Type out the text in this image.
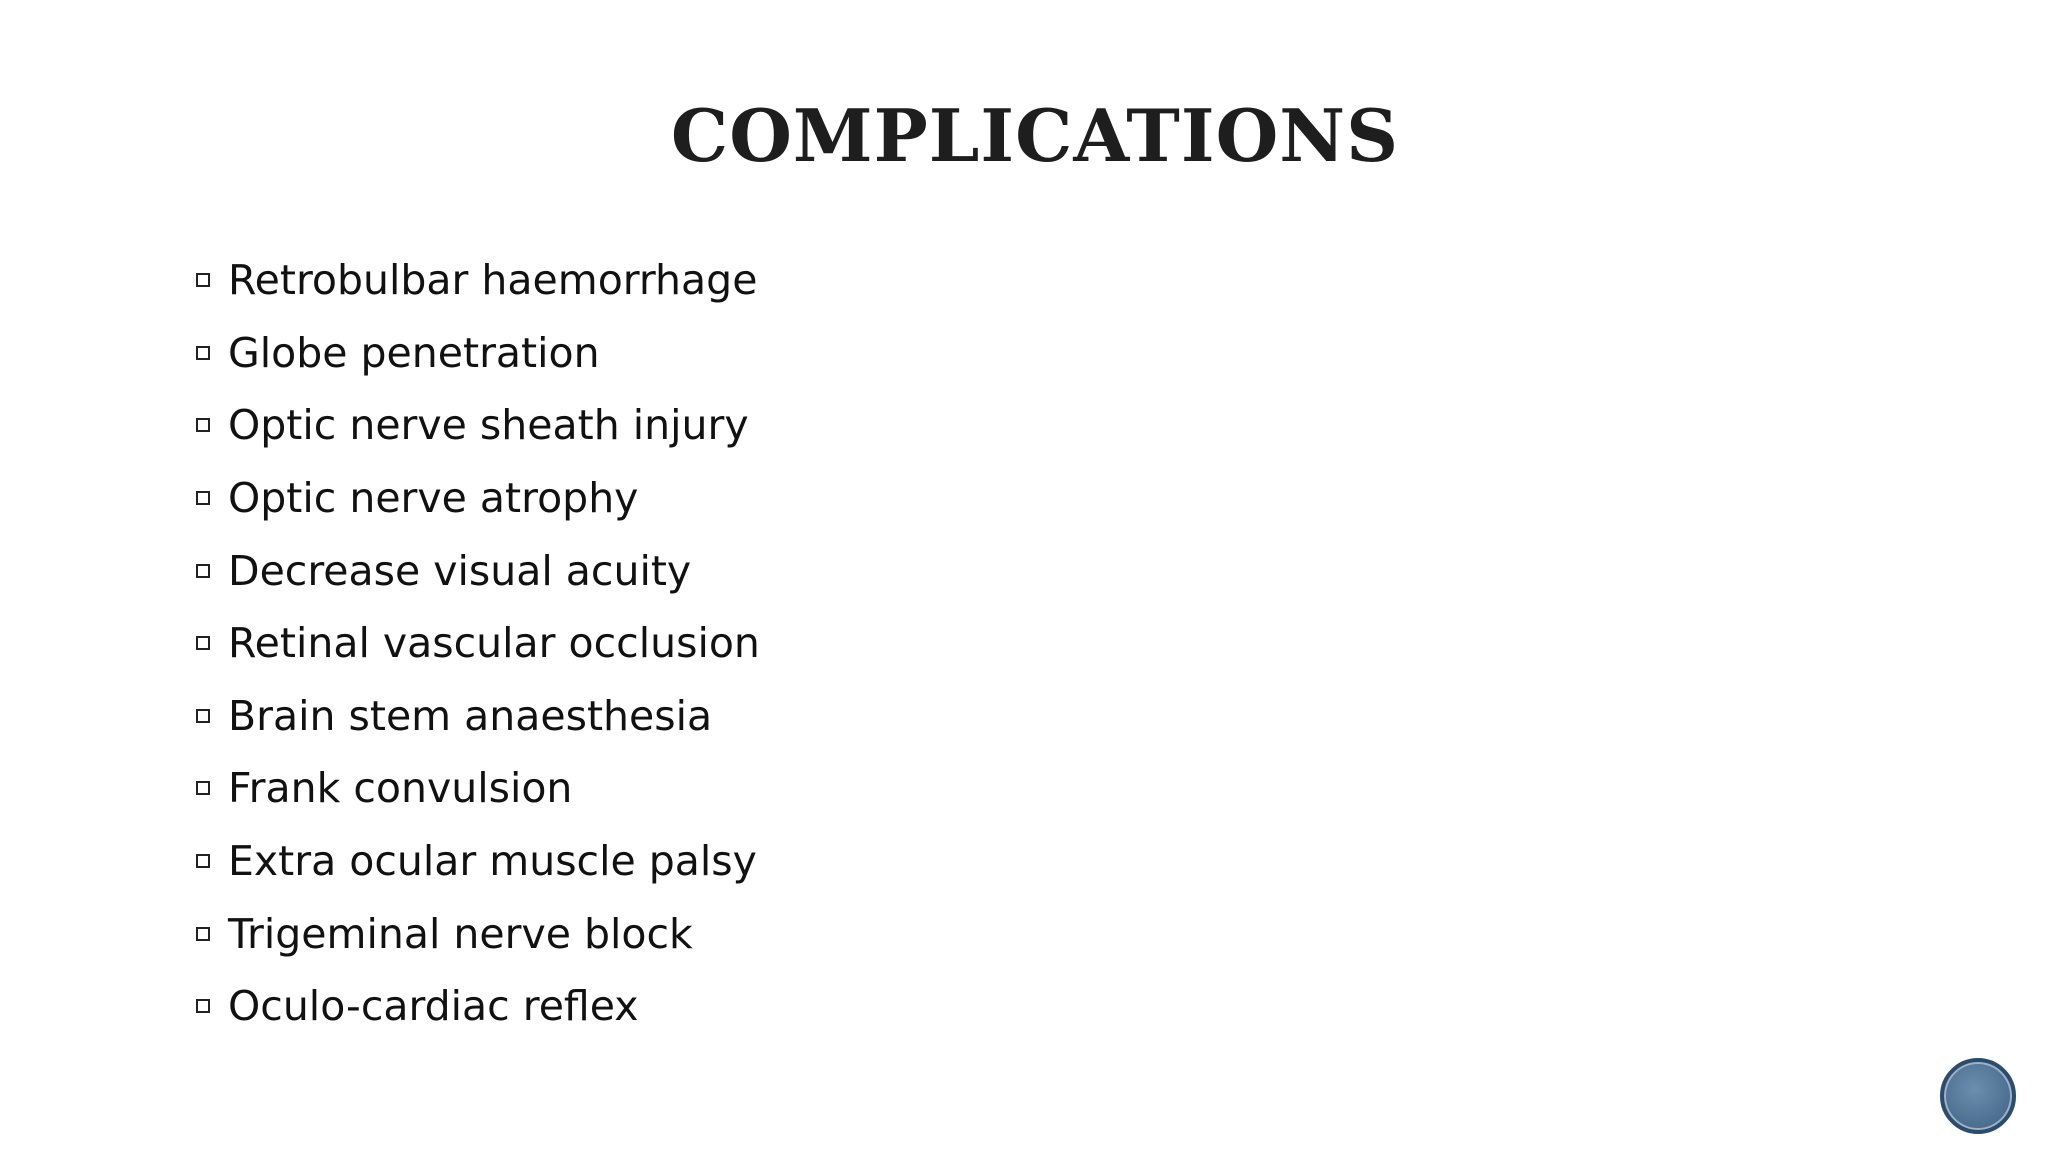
COMPLICATIONS
Retrobulbar haemorrhage
Globe penetration
Optic nerve sheath injury
Optic nerve atrophy
Decrease visual acuity
Retinal vascular occlusion
Brain stem anaesthesia
Frank convulsion
Extra ocular muscle palsy
Trigeminal nerve block
Oculo-cardiac reflex
